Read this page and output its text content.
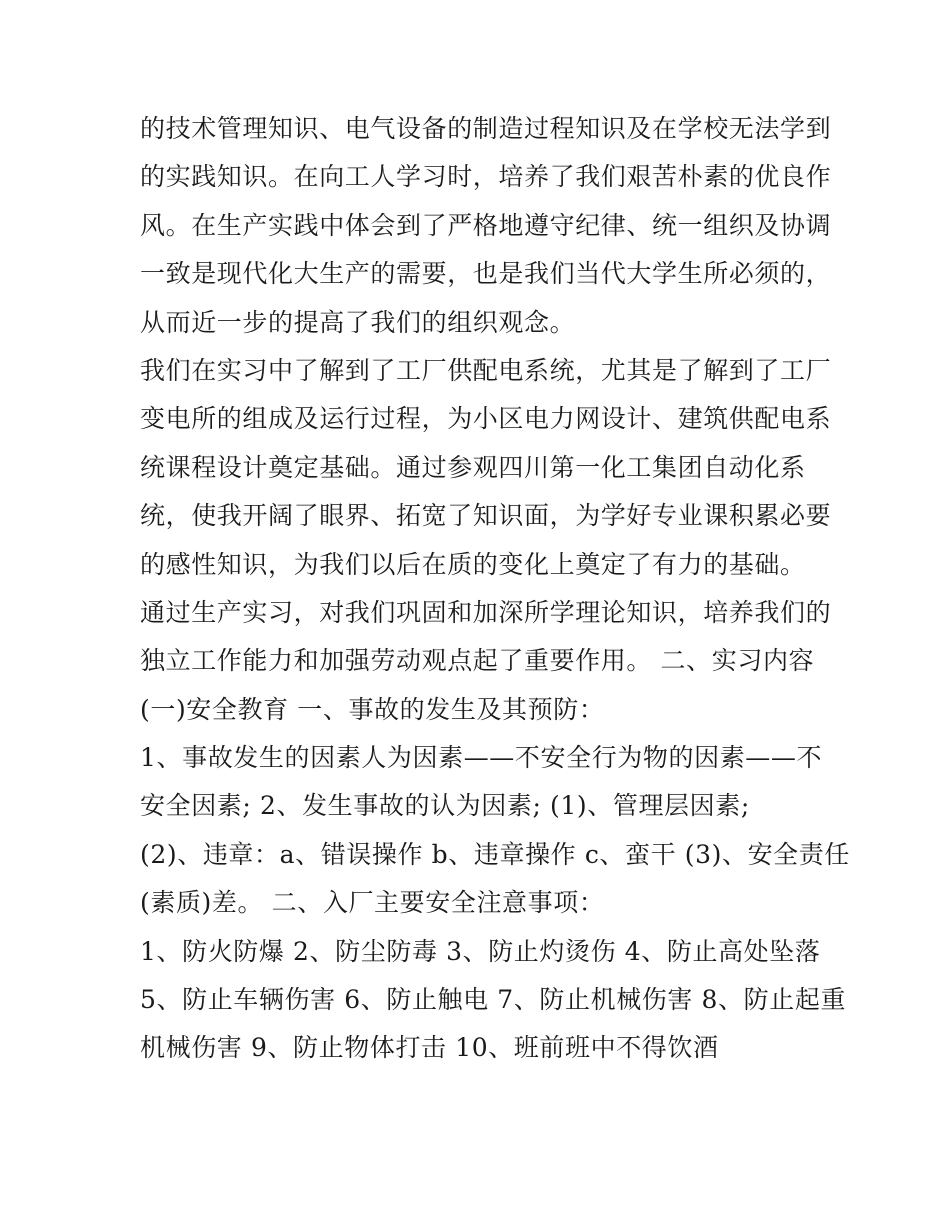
的技术管理知识、电气设备的制造过程知识及在学校无法学到
的实践知识。在向工人学习时，培养了我们艰苦朴素的优良作
风。在生产实践中体会到了严格地遵守纪律、统一组织及协调
一致是现代化大生产的需要，也是我们当代大学生所必须的，
从而近一步的提高了我们的组织观念。
我们在实习中了解到了工厂供配电系统，尤其是了解到了工厂
变电所的组成及运行过程，为小区电力网设计、建筑供配电系
统课程设计奠定基础。通过参观四川第一化工集团自动化系
统，使我开阔了眼界、拓宽了知识面，为学好专业课积累必要
的感性知识，为我们以后在质的变化上奠定了有力的基础。
通过生产实习，对我们巩固和加深所学理论知识，培养我们的
独立工作能力和加强劳动观点起了重要作用。 二、实习内容
(一)安全教育 一、事故的发生及其预防：
1、事故发生的因素人为因素——不安全行为物的因素——不
安全因素; 2、发生事故的认为因素; (1)、管理层因素;
(2)、违章：a、错误操作 b、违章操作 c、蛮干 (3)、安全责任
(素质)差。 二、入厂主要安全注意事项：
1、防火防爆 2、防尘防毒 3、防止灼烫伤 4、防止高处坠落
5、防止车辆伤害 6、防止触电 7、防止机械伤害 8、防止起重
机械伤害 9、防止物体打击 10、班前班中不得饮酒
